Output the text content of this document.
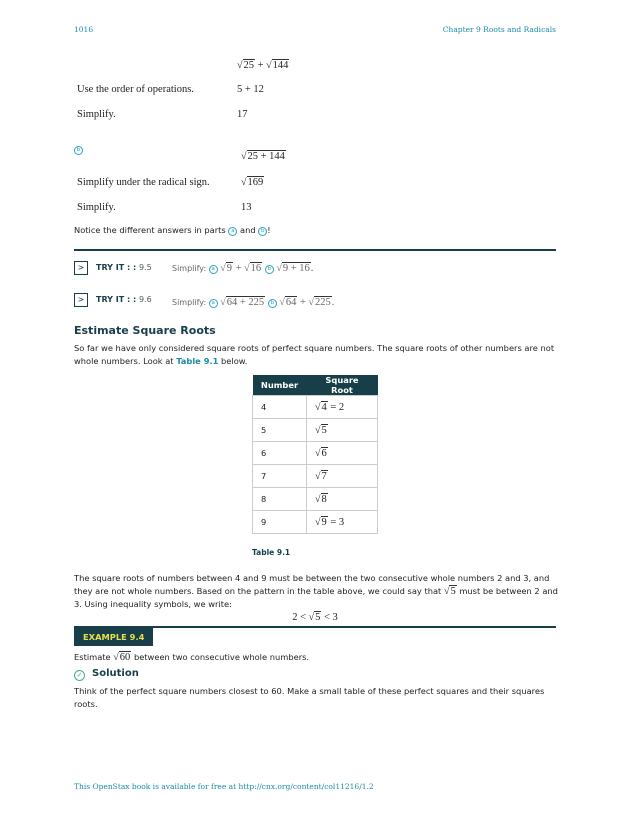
1016	Chapter 9 Roots and Radicals
√25 + √144
Use the order of operations.	5 + 12
Simplify.	17
b
√25 + 144
Simplify under the radical sign.	√169
Simplify.	13
Notice the different answers in parts a and b !
>	TRY IT : : 9.5	Simplify: a √9 + √16 b √9 + 16.
>	TRY IT : : 9.6	Simplify: a √64 + 225 b √64 + √225.
Estimate Square Roots
So far we have only considered square roots of perfect square numbers. The square roots of other numbers are not whole numbers. Look at Table 9.1 below.
Number	Square Root
4	√4 = 2
5	√5
6	√6
7	√7
8	√8
9	√9 = 3
Table 9.1
The square roots of numbers between 4 and 9 must be between the two consecutive whole numbers 2 and 3, and they are not whole numbers. Based on the pattern in the table above, we could say that √5 must be between 2 and 3. Using inequality symbols, we write:
2 < √5 < 3
EXAMPLE 9.4
Estimate √60 between two consecutive whole numbers.
✓ Solution
Think of the perfect square numbers closest to 60. Make a small table of these perfect squares and their squares roots.
This OpenStax book is available for free at http://cnx.org/content/col11216/1.2
